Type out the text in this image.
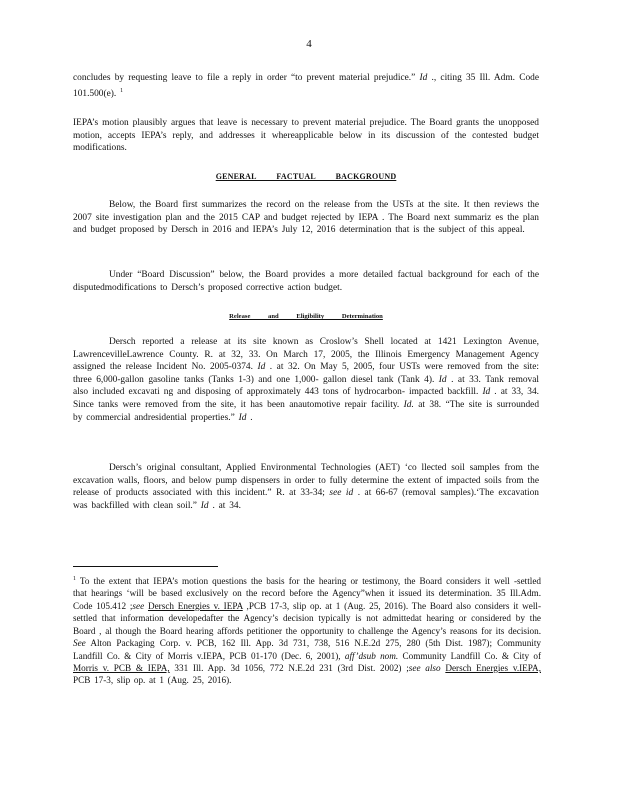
4

concludes by requesting leave to file a reply in order “to prevent material prejudice.” Id ., citing 35 Ill. Adm. Code 101.500(e). $^1$

IEPA’s motion plausibly argues that leave is necessary to prevent material prejudice. The Board grants the unopposed motion, accepts IEPA’s reply, and addresses it whereapplicable below in its discussion of the contested budget modifications.

GENERAL FACTUAL BACKGROUND

Below, the Board first summarizes the record on the release from the USTs at the site. It then reviews the 2007 site investigation plan and the 2015 CAP and budget rejected by IEPA . The Board next summariz es the plan and budget proposed by Dersch in 2016 and IEPA’s July 12, 2016 determination that is the subject of this appeal.

Under “Board Discussion” below, the Board provides a more detailed factual background for each of the disputedmodifications to Dersch’s proposed corrective action budget.

Release and Eligibility Determination

Dersch reported a release at its site known as Croslow’s Shell located at 1421 Lexington Avenue, LawrencevilleLawrence County. R. at 32, 33. On March 17, 2005, the Illinois Emergency Management Agency assigned the release Incident No. 2005-0374. Id . at 32. On May 5, 2005, four USTs were removed from the site: three 6,000-gallon gasoline tanks (Tanks 1-3) and one 1,000- gallon diesel tank (Tank 4). Id . at 33. Tank removal also included excavati ng and disposing of approximately 443 tons of hydrocarbon- impacted backfill. Id . at 33, 34. Since tanks were removed from the site, it has been anautomotive repair facility. Id. at 38. “The site is surrounded by commercial andresidential properties.” Id .

Dersch’s original consultant, Applied Environmental Technologies (AET) ‘co llected soil samples from the excavation walls, floors, and below pump dispensers in order to fully determine the extent of impacted soils from the release of products associated with this incident.” R. at 33-34; see id . at 66-67 (removal samples).‘The excavation was backfilled with clean soil.” Id . at 34.

$^1$ To the extent that IEPA’s motion questions the basis for the hearing or testimony, the Board considers it well -settled that hearings ‘will be based exclusively on the record before the Agency”when it issued its determination. 35 Ill.Adm. Code 105.412 ;see Dersch Energies v. IEPA ,PCB 17-3, slip op. at 1 (Aug. 25, 2016). The Board also considers it well- settled that information developedafter the Agency’s decision typically is not admittedat hearing or considered by the Board , al though the Board hearing affords petitioner the opportunity to challenge the Agency’s reasons for its decision. See Alton Packaging Corp. v. PCB, 162 Ill. App. 3d 731, 738, 516 N.E.2d 275, 280 (5th Dist. 1987); Community Landfill Co. & City of Morris v.IEPA, PCB 01-170 (Dec. 6, 2001), aff’dsub nom. Community Landfill Co. & City of Morris v. PCB & IEPA, 331 Ill. App. 3d 1056, 772 N.E.2d 231 (3rd Dist. 2002) ;see also Dersch Energies v.IEPA, PCB 17-3, slip op. at 1 (Aug. 25, 2016).
